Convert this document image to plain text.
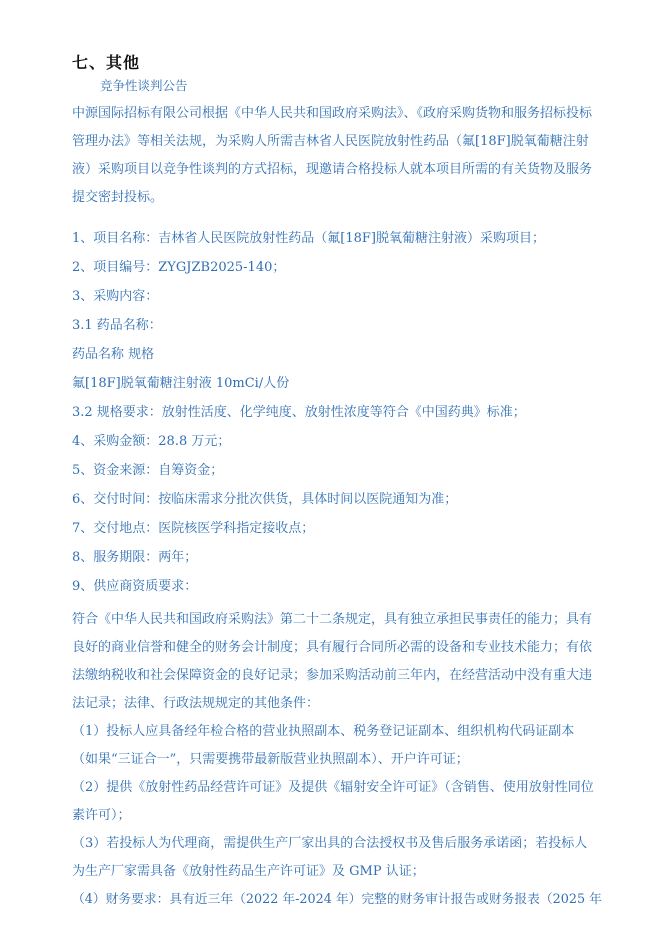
七、其他
竞争性谈判公告
中源国际招标有限公司根据《中华人民共和国政府采购法》、《政府采购货物和服务招标投标
管理办法》等相关法规，为采购人所需吉林省人民医院放射性药品（氟[18F]脱氧葡糖注射
液）采购项目以竞争性谈判的方式招标，现邀请合格投标人就本项目所需的有关货物及服务
提交密封投标。
1、项目名称：吉林省人民医院放射性药品（氟[18F]脱氧葡糖注射液）采购项目；
2、项目编号：ZYGJZB2025-140；
3、采购内容：
3.1 药品名称：
药品名称 规格
氟[18F]脱氧葡糖注射液 10mCi/人份
3.2 规格要求：放射性活度、化学纯度、放射性浓度等符合《中国药典》标准；
4、采购金额：28.8 万元；
5、资金来源：自筹资金；
6、交付时间：按临床需求分批次供货，具体时间以医院通知为准；
7、交付地点：医院核医学科指定接收点；
8、服务期限：两年；
9、供应商资质要求：
符合《中华人民共和国政府采购法》第二十二条规定，具有独立承担民事责任的能力；具有
良好的商业信誉和健全的财务会计制度；具有履行合同所必需的设备和专业技术能力；有依
法缴纳税收和社会保障资金的良好记录；参加采购活动前三年内，在经营活动中没有重大违
法记录；法律、行政法规规定的其他条件：
（1）投标人应具备经年检合格的营业执照副本、税务登记证副本、组织机构代码证副本
（如果“三证合一”，只需要携带最新版营业执照副本）、开户许可证；
（2）提供《放射性药品经营许可证》及提供《辐射安全许可证》（含销售、使用放射性同位
素许可）；
（3）若投标人为代理商，需提供生产厂家出具的合法授权书及售后服务承诺函；若投标人
为生产厂家需具备《放射性药品生产许可证》及 GMP 认证；
（4）财务要求：具有近三年（2022 年-2024 年）完整的财务审计报告或财务报表（2025 年
